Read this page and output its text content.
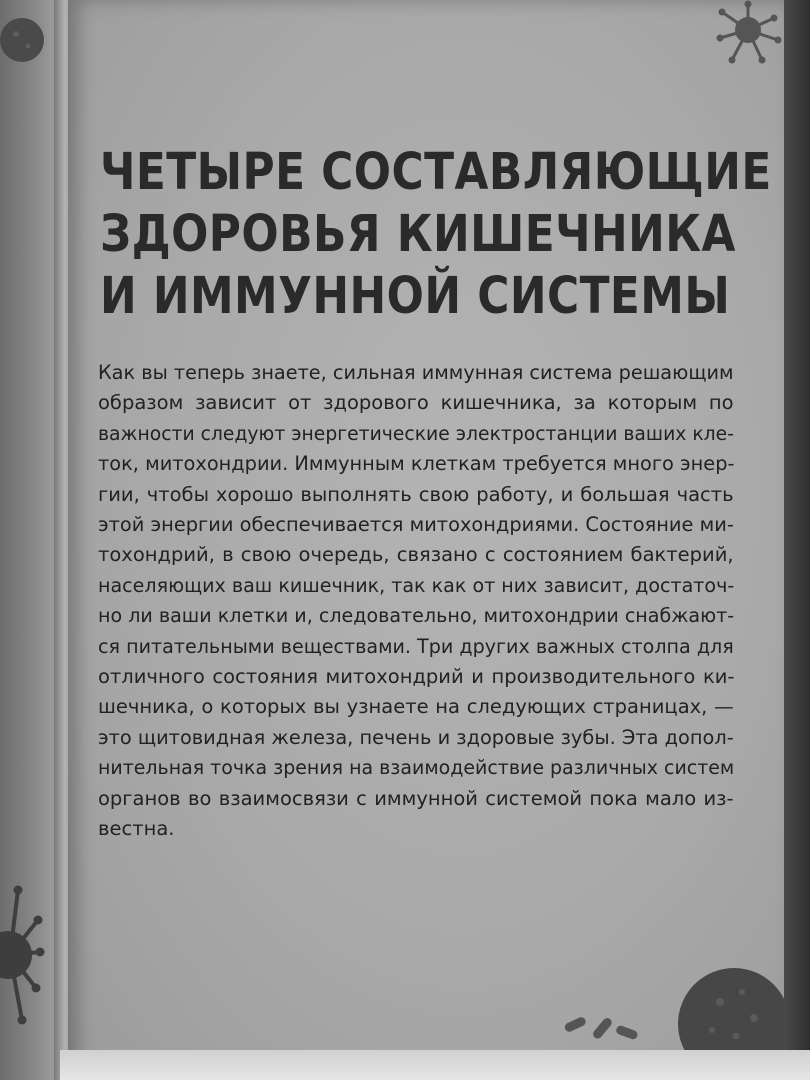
ЧЕТЫРЕ СОСТАВЛЯЮЩИЕ
ЗДОРОВЬЯ КИШЕЧНИКА
И ИММУННОЙ СИСТЕМЫ
Как вы теперь знаете, сильная иммунная система решающим
образом зависит от здорового кишечника, за которым по
важности следуют энергетические электростанции ваших кле-
ток, митохондрии. Иммунным клеткам требуется много энер-
гии, чтобы хорошо выполнять свою работу, и большая часть
этой энергии обеспечивается митохондриями. Состояние ми-
тохондрий, в свою очередь, связано с состоянием бактерий,
населяющих ваш кишечник, так как от них зависит, достаточ-
но ли ваши клетки и, следовательно, митохондрии снабжают-
ся питательными веществами. Три других важных столпа для
отличного состояния митохондрий и производительного ки-
шечника, о которых вы узнаете на следующих страницах, —
это щитовидная железа, печень и здоровые зубы. Эта допол-
нительная точка зрения на взаимодействие различных систем
органов во взаимосвязи с иммунной системой пока мало из-
вестна.
